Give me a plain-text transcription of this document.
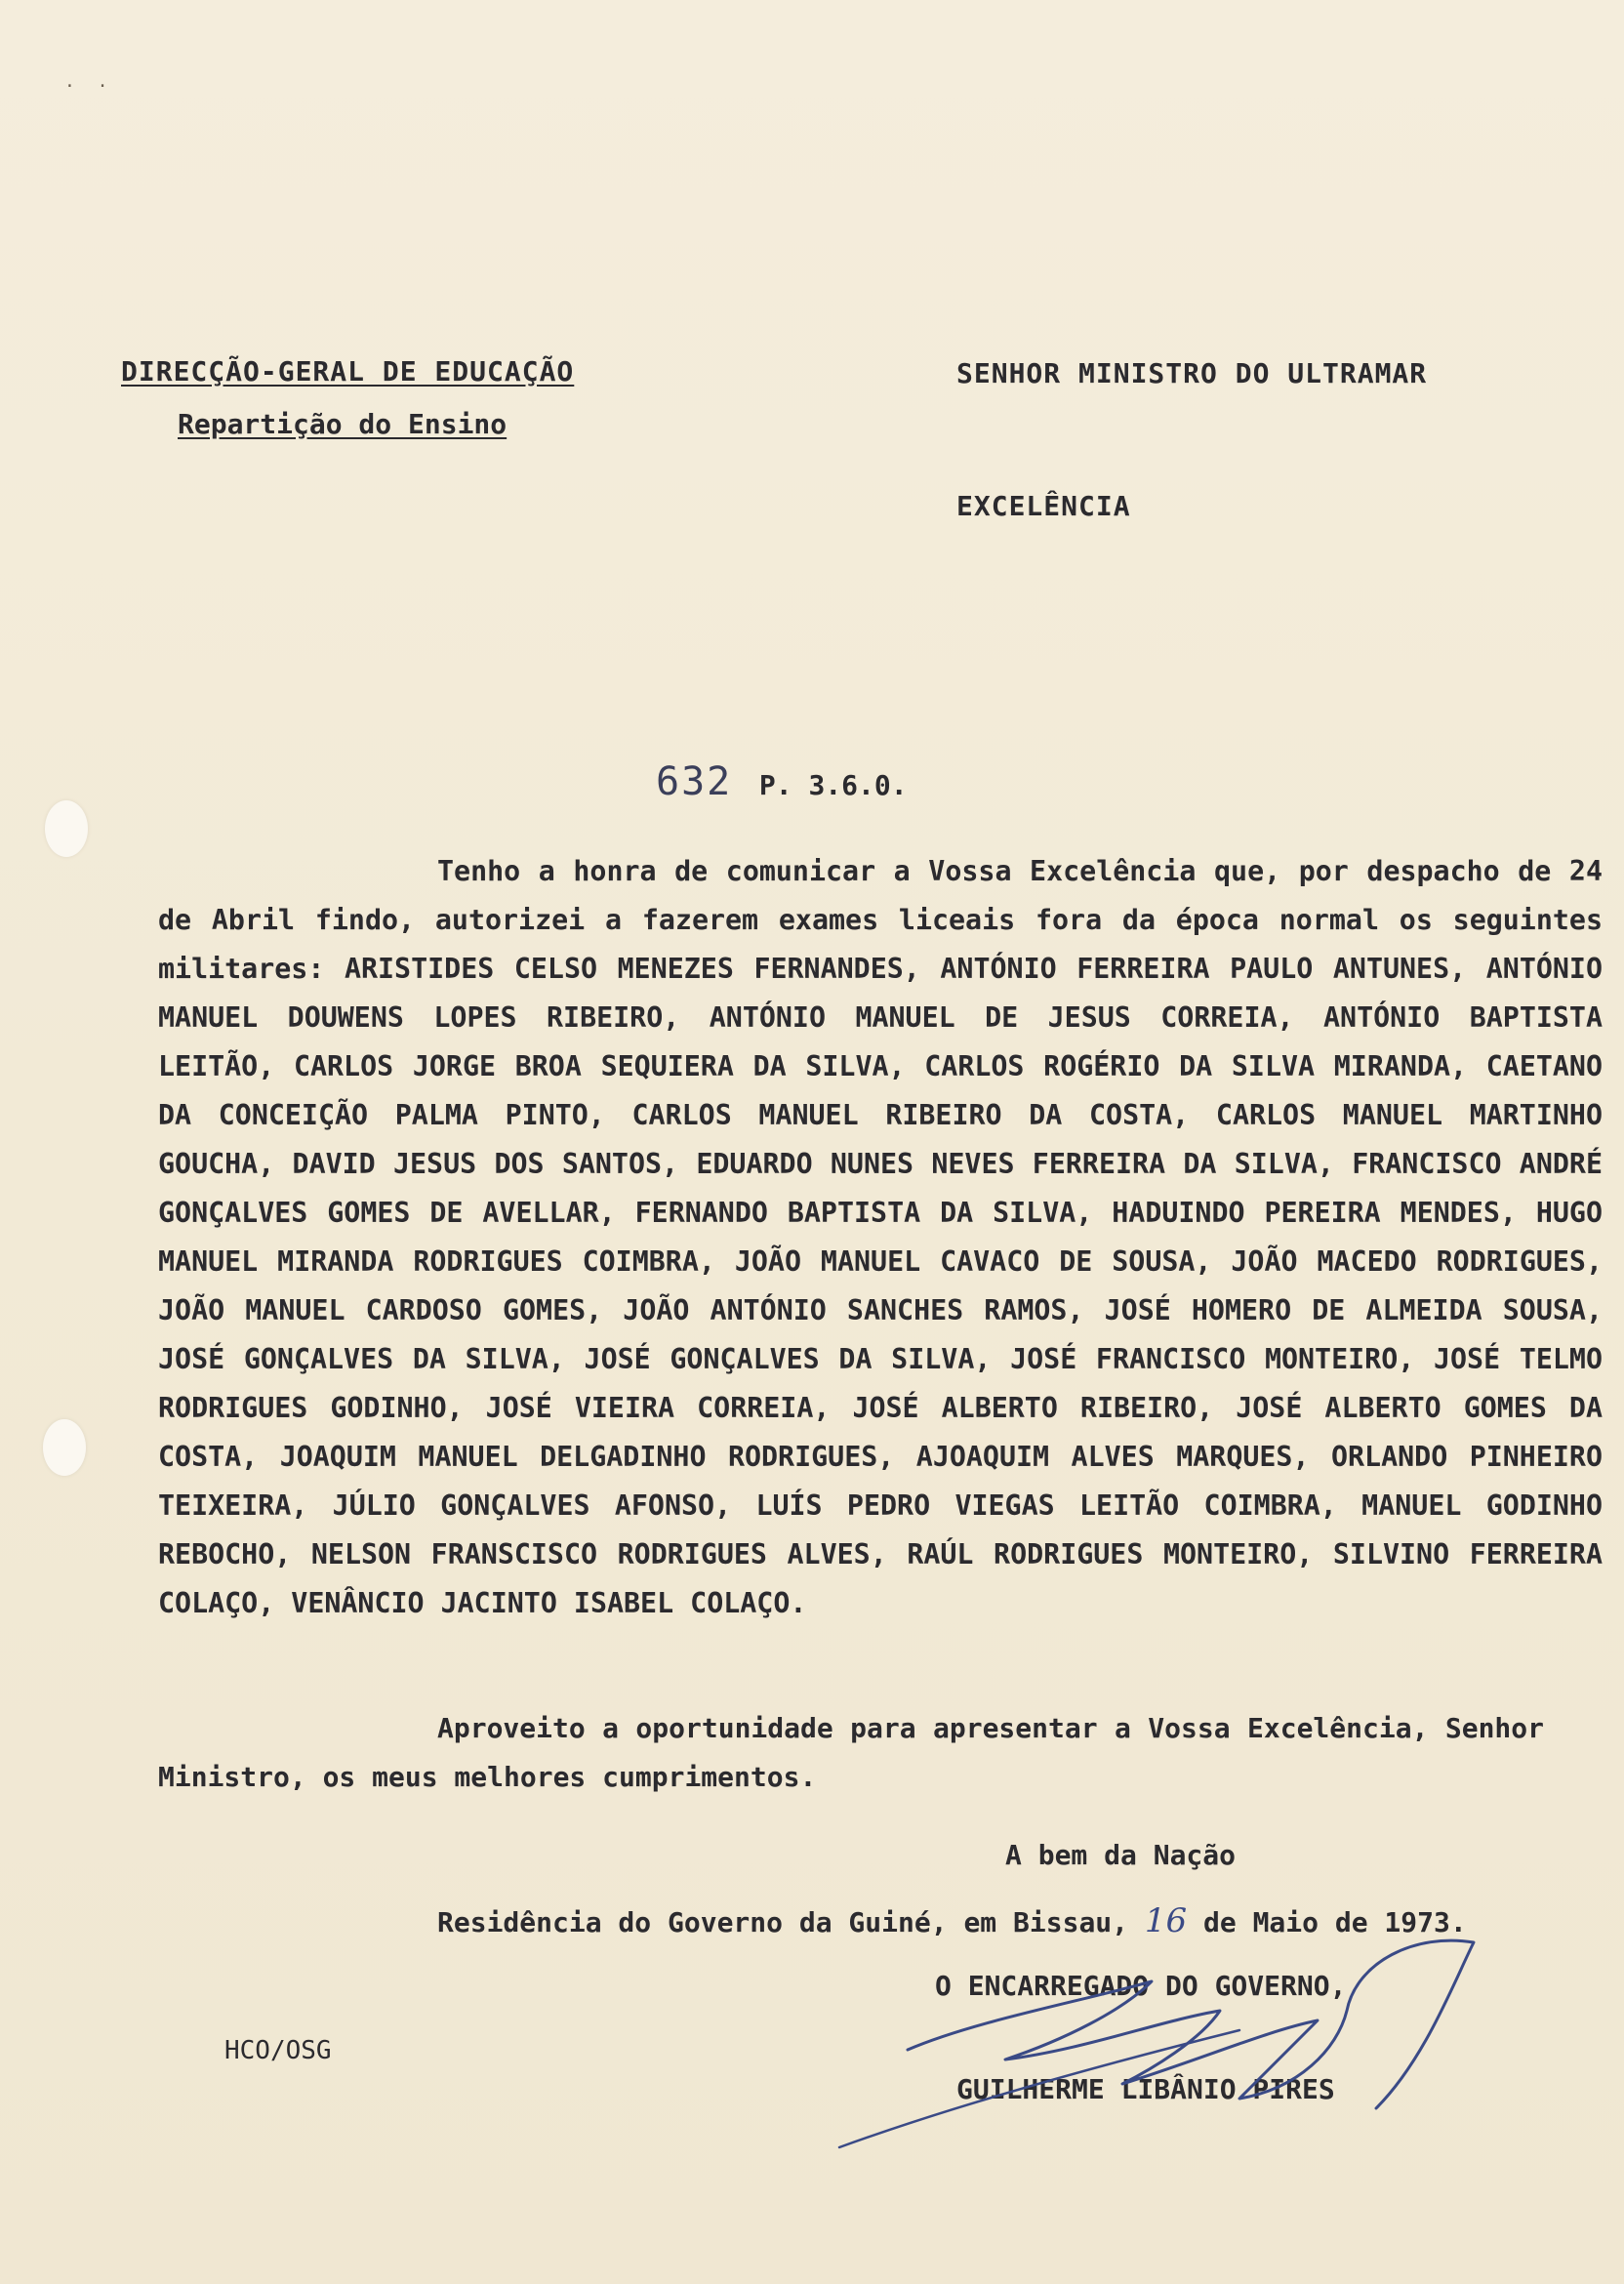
· ·
DIRECÇÃO-GERAL DE EDUCAÇÃO
Repartição do Ensino
SENHOR MINISTRO DO ULTRAMAR
EXCELÊNCIA
632 P. 3.6.0.
Tenho a honra de comunicar a Vossa Excelência que, por despacho de 24 de Abril findo, autorizei a fazerem exames liceais fora da época normal os seguintes militares: ARISTIDES CELSO MENEZES FERNANDES, ANTÓNIO FERREIRA PAULO ANTUNES, ANTÓNIO MANUEL DOUWENS LOPES RIBEIRO, ANTÓNIO MANUEL DE JESUS CORREIA, ANTÓNIO BAPTISTA LEITÃO, CARLOS JORGE BROA SEQUIERA DA SILVA, CARLOS ROGÉRIO DA SILVA MIRANDA, CAETANO DA CONCEIÇÃO PALMA PINTO, CARLOS MANUEL RIBEIRO DA COSTA, CARLOS MANUEL MARTINHO GOUCHA, DAVID JESUS DOS SANTOS, EDUARDO NUNES NEVES FERREIRA DA SILVA, FRANCISCO ANDRÉ GONÇALVES GOMES DE AVELLAR, FERNANDO BAPTISTA DA SILVA, HADUINDO PEREIRA MENDES, HUGO MANUEL MIRANDA RODRIGUES COIMBRA, JOÃO MANUEL CAVACO DE SOUSA, JOÃO MACEDO RODRIGUES, JOÃO MANUEL CARDOSO GOMES, JOÃO ANTÓNIO SANCHES RAMOS, JOSÉ HOMERO DE ALMEIDA SOUSA, JOSÉ GONÇALVES DA SILVA, JOSÉ GONÇALVES DA SILVA, JOSÉ FRANCISCO MONTEIRO, JOSÉ TELMO RODRIGUES GODINHO, JOSÉ VIEIRA CORREIA, JOSÉ ALBERTO RIBEIRO, JOSÉ ALBERTO GOMES DA COSTA, JOAQUIM MANUEL DELGADINHO RODRIGUES, AJOAQUIM ALVES MARQUES, ORLANDO PINHEIRO TEIXEIRA, JÚLIO GONÇALVES AFONSO, LUÍS PEDRO VIEGAS LEITÃO COIMBRA, MANUEL GODINHO REBOCHO, NELSON FRANSCISCO RODRIGUES ALVES, RAÚL RODRIGUES MONTEIRO, SILVINO FERREIRA COLAÇO, VENÂNCIO JACINTO ISABEL COLAÇO.
Aproveito a oportunidade para apresentar a Vossa Excelência, Senhor Ministro, os meus melhores cumprimentos.
A bem da Nação
Residência do Governo da Guiné, em Bissau, 16 de Maio de 1973.
O ENCARREGADO DO GOVERNO,
HCO/OSG
GUILHERME LIBÂNIO PIRES
